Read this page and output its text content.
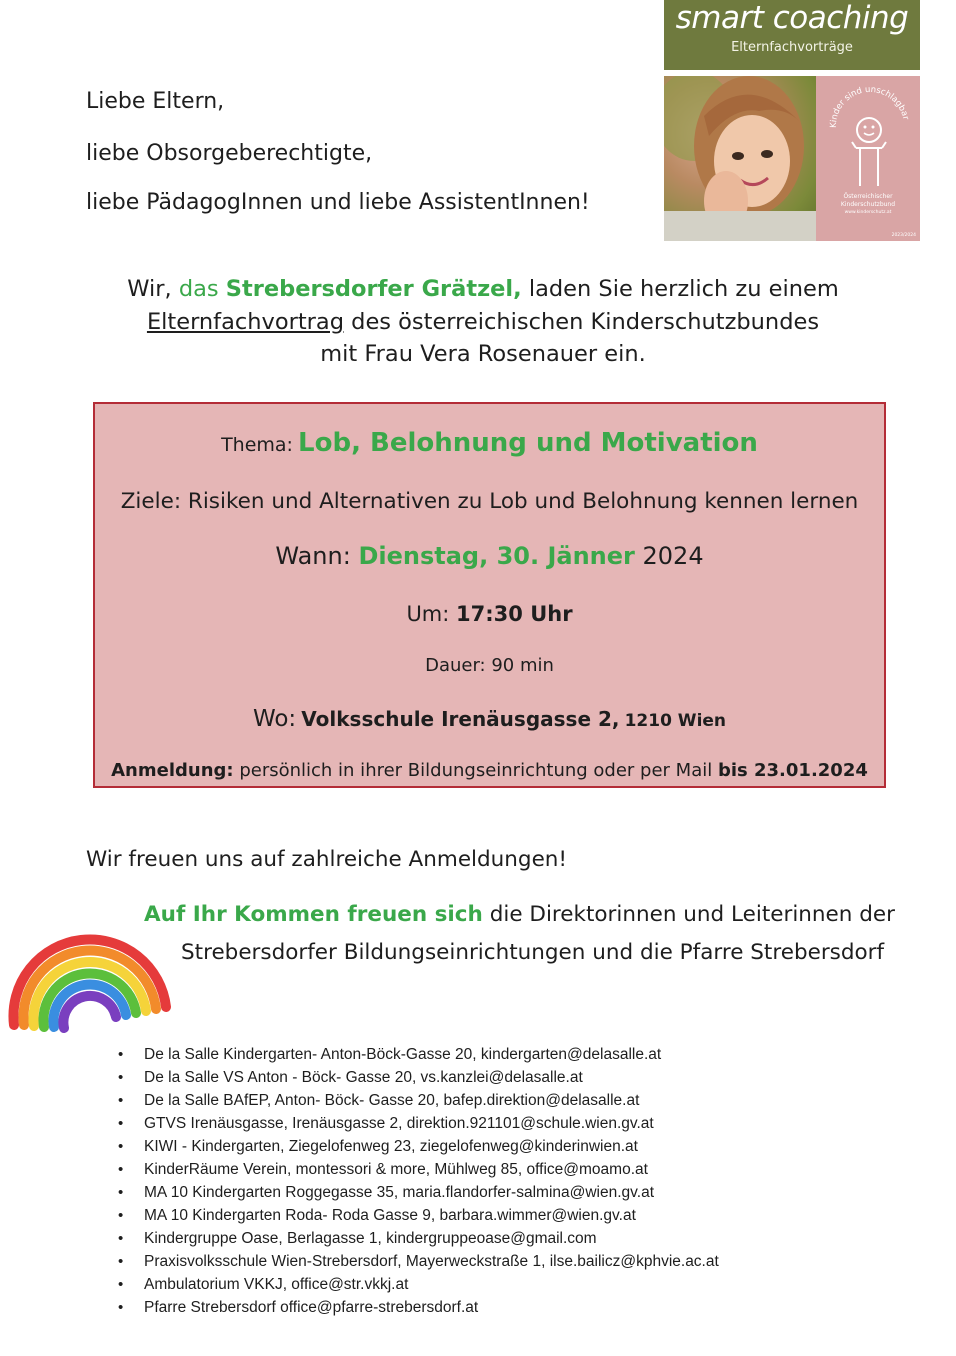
smart coaching
Elternfachvorträge
Kinder sind unschlagbar
Österreichischer
Kinderschutzbund
www.kinderschutz.at
2023/2024
Liebe Eltern,
liebe Obsorgeberechtigte,
liebe PädagogInnen und liebe AssistentInnen!
Wir, das Strebersdorfer Grätzel, laden Sie herzlich zu einem
Elternfachvortrag des österreichischen Kinderschutzbundes
mit Frau Vera Rosenauer ein.
Thema: Lob, Belohnung und Motivation
Ziele: Risiken und Alternativen zu Lob und Belohnung kennen lernen
Wann: Dienstag, 30. Jänner 2024
Um: 17:30 Uhr
Dauer: 90 min
Wo: Volksschule Irenäusgasse 2, 1210 Wien
Anmeldung: persönlich in ihrer Bildungseinrichtung oder per Mail bis 23.01.2024
Wir freuen uns auf zahlreiche Anmeldungen!
Auf Ihr Kommen freuen sich die Direktorinnen und Leiterinnen der
Strebersdorfer Bildungseinrichtungen und die Pfarre Strebersdorf
• De la Salle Kindergarten- Anton-Böck-Gasse 20, kindergarten@delasalle.at
• De la Salle VS Anton - Böck- Gasse 20, vs.kanzlei@delasalle.at
• De la Salle BAfEP, Anton- Böck- Gasse 20, bafep.direktion@delasalle.at
• GTVS Irenäusgasse, Irenäusgasse 2, direktion.921101@schule.wien.gv.at
• KIWI - Kindergarten, Ziegelofenweg 23, ziegelofenweg@kinderinwien.at
• KinderRäume Verein, montessori & more, Mühlweg 85, office@moamo.at
• MA 10 Kindergarten Roggegasse 35, maria.flandorfer-salmina@wien.gv.at
• MA 10 Kindergarten Roda- Roda Gasse 9, barbara.wimmer@wien.gv.at
• Kindergruppe Oase, Berlagasse 1, kindergruppeoase@gmail.com
• Praxisvolksschule Wien-Strebersdorf, Mayerweckstraße 1, ilse.bailicz@kphvie.ac.at
• Ambulatorium VKKJ, office@str.vkkj.at
• Pfarre Strebersdorf office@pfarre-strebersdorf.at
